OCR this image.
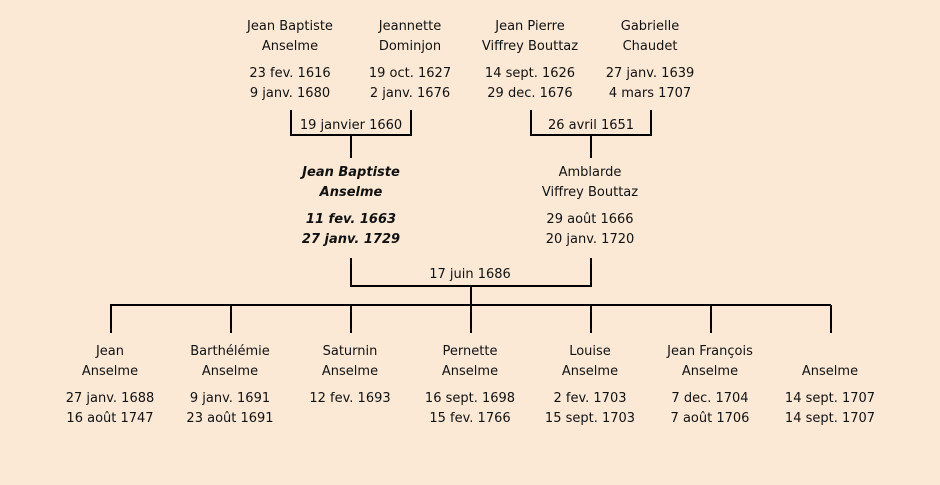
Jean Baptiste
Anselme
23 fev. 1616
9 janv. 1680
Jeannette
Dominjon
19 oct. 1627
2 janv. 1676
Jean Pierre
Viffrey Bouttaz
14 sept. 1626
29 dec. 1676
Gabrielle
Chaudet
27 janv. 1639
4 mars 1707
19 janvier 1660	26 avril 1651
Jean Baptiste
Anselme
11 fev. 1663
27 janv. 1729
Amblarde
Viffrey Bouttaz
29 août 1666
20 janv. 1720
17 juin 1686
Jean
Anselme
27 janv. 1688
16 août 1747
Barthélémie
Anselme
9 janv. 1691
23 août 1691
Saturnin
Anselme
12 fev. 1693
Pernette
Anselme
16 sept. 1698
15 fev. 1766
Louise
Anselme
2 fev. 1703
15 sept. 1703
Jean François
Anselme
7 dec. 1704
7 août 1706
Anselme
14 sept. 1707
14 sept. 1707
